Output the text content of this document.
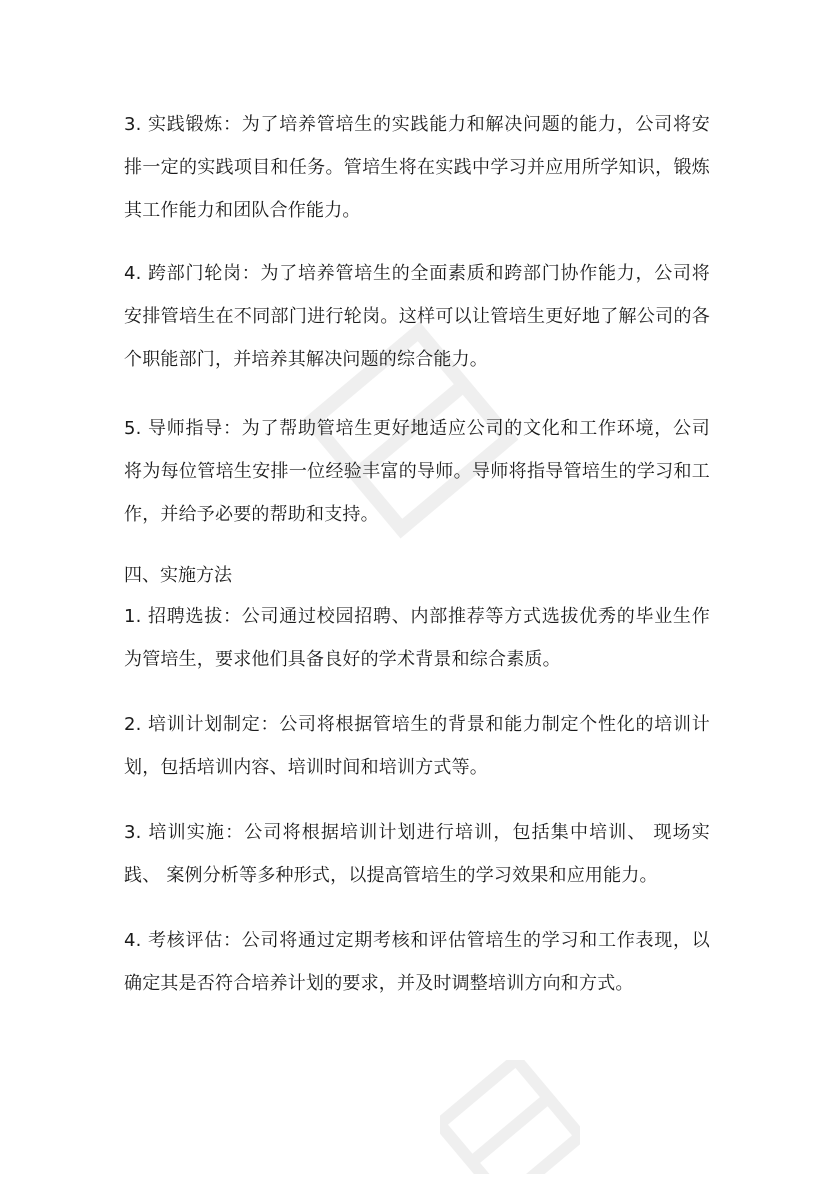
3. 实践锻炼：为了培养管培生的实践能力和解决问题的能力，公司将安排一定的实践项目和任务。管培生将在实践中学习并应用所学知识，锻炼其工作能力和团队合作能力。

4. 跨部门轮岗：为了培养管培生的全面素质和跨部门协作能力，公司将安排管培生在不同部门进行轮岗。这样可以让管培生更好地了解公司的各个职能部门，并培养其解决问题的综合能力。

5. 导师指导：为了帮助管培生更好地适应公司的文化和工作环境，公司将为每位管培生安排一位经验丰富的导师。导师将指导管培生的学习和工作，并给予必要的帮助和支持。

四、实施方法

1. 招聘选拔：公司通过校园招聘、内部推荐等方式选拔优秀的毕业生作为管培生，要求他们具备良好的学术背景和综合素质。

2. 培训计划制定：公司将根据管培生的背景和能力制定个性化的培训计划，包括培训内容、培训时间和培训方式等。

3. 培训实施：公司将根据培训计划进行培训，包括集中培训、 现场实践、 案例分析等多种形式，以提高管培生的学习效果和应用能力。

4. 考核评估：公司将通过定期考核和评估管培生的学习和工作表现，以确定其是否符合培养计划的要求，并及时调整培训方向和方式。
